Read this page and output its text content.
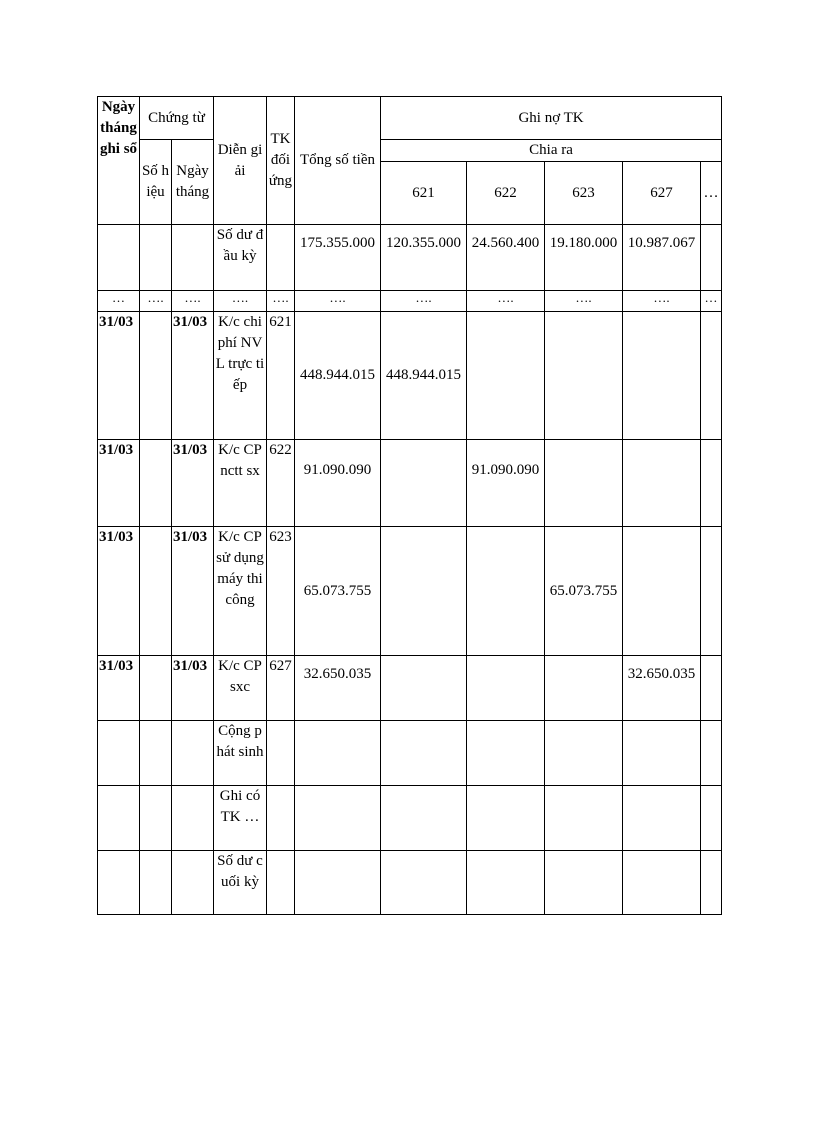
Ngày tháng ghi sổ	Chứng từ		Diễn giải	TK đối ứng	Tổng số tiền	Ghi nợ TK				
	Số hiệu	Ngày tháng				Chia ra				
						621	622	623	627	…
			Số dư đầu kỳ		175.355.000	120.355.000	24.560.400	19.180.000	10.987.067	
…	….	….	….	….	….	….	….	….	….	…
31/03		31/03	K/c chi phí NVL trực tiếp	621	448.944.015	448.944.015				
31/03		31/03	K/c CP nctt sx	622	91.090.090		91.090.090			
31/03		31/03	K/c CP sử dụng máy thi công	623	65.073.755			65.073.755		
31/03		31/03	K/c CP sxc	627	32.650.035				32.650.035	
			Cộng phát sinh							
			Ghi có TK …							
			Số dư cuối kỳ							
